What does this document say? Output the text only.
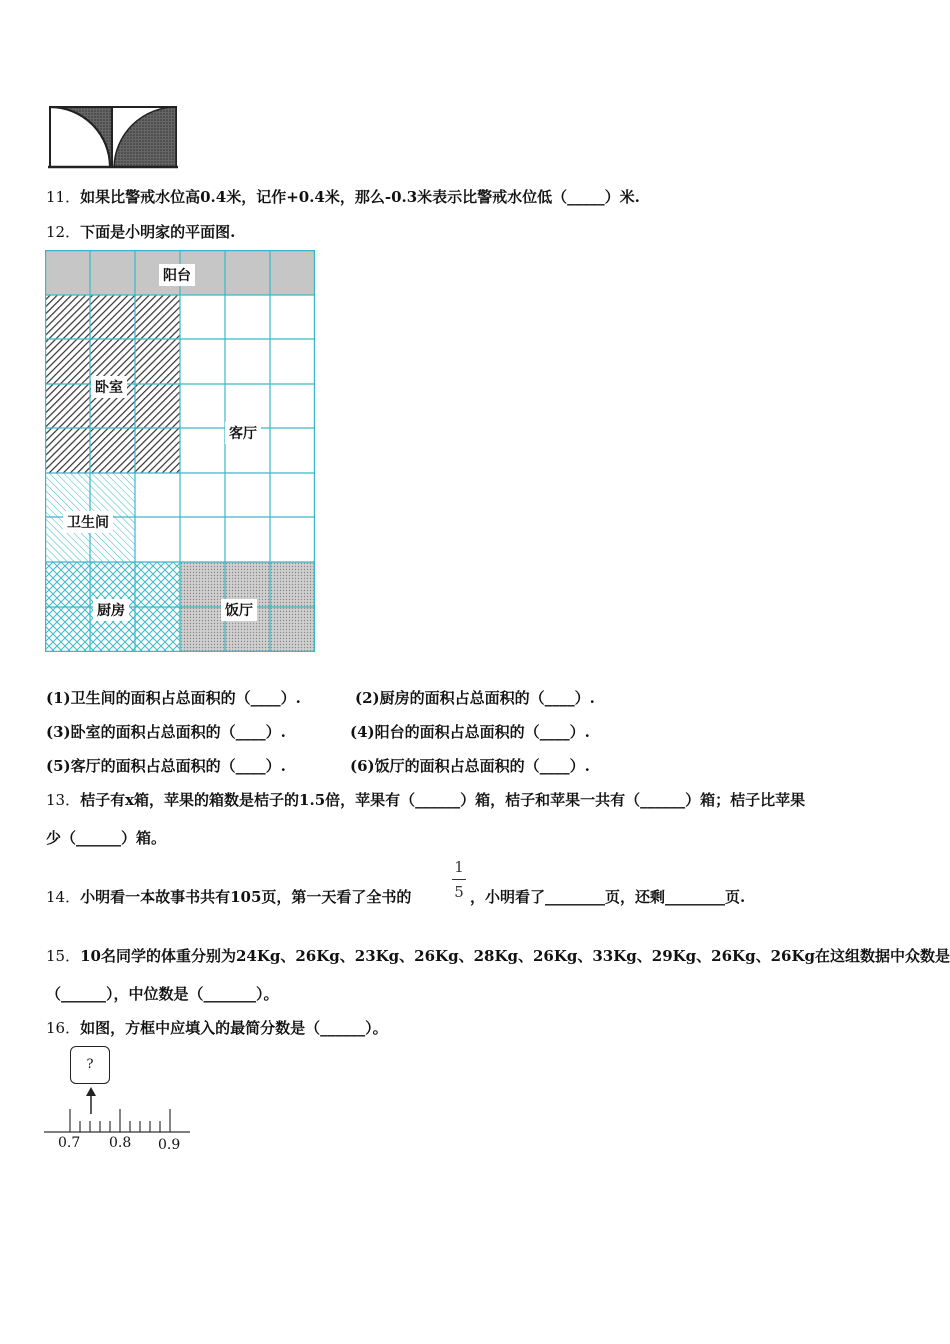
11．如果比警戒水位高0.4米，记作+0.4米，那么-0.3米表示比警戒水位低（_____）米.
12．下面是小明家的平面图.
阳台
卧室
客厅
卫生间
厨房	饭厅
(1)卫生间的面积占总面积的（____）.	(2)厨房的面积占总面积的（____）.
(3)卧室的面积占总面积的（____）.	(4)阳台的面积占总面积的（____）.
(5)客厅的面积占总面积的（____）.	(6)饭厅的面积占总面积的（____）.
13．桔子有x箱，苹果的箱数是桔子的1.5倍，苹果有（______）箱，桔子和苹果一共有（______）箱；桔子比苹果
少（______）箱。
14．小明看一本故事书共有105页，第一天看了全书的
1
5 ，小明看了________页，还剩________页.
15．10名同学的体重分别为24Kg、26Kg、23Kg、26Kg、28Kg、26Kg、33Kg、29Kg、26Kg、26Kg在这组数据中众数是
（______），中位数是（_______）。
16．如图，方框中应填入的最简分数是（______）。
?
0.7 0.8 0.9
